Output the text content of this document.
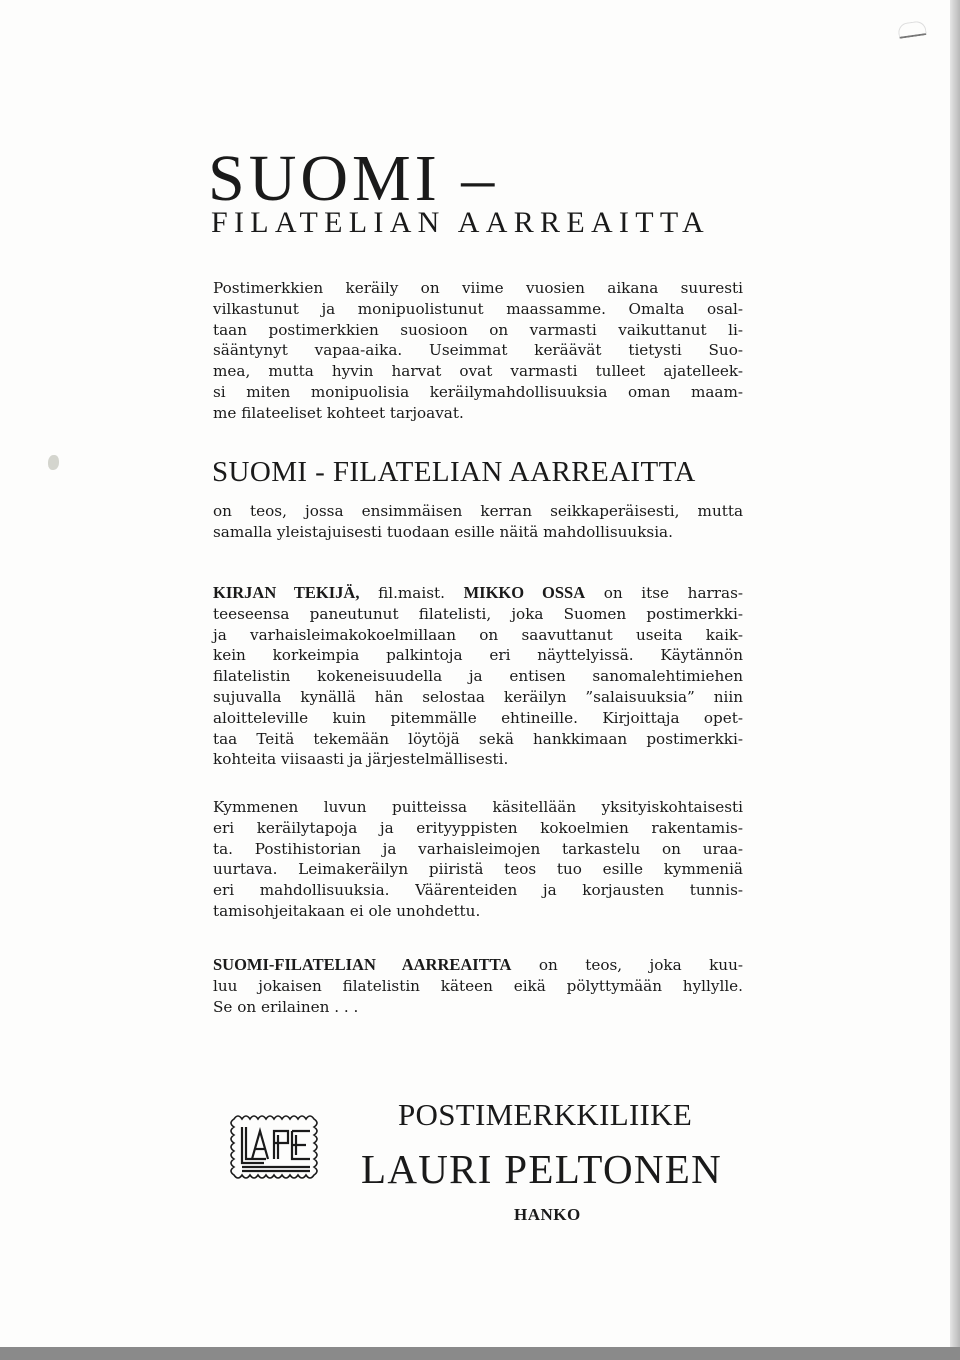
SUOMI –
FILATELIAN AARREAITTA

Postimerkkien keräily on viime vuosien aikana suuresti
vilkastunut ja monipuolistunut maassamme. Omalta osal-
taan postimerkkien suosioon on varmasti vaikuttanut li-
sääntynyt vapaa-aika. Useimmat keräävät tietysti Suo-
mea, mutta hyvin harvat ovat varmasti tulleet ajatelleek-
si miten monipuolisia keräilymahdollisuuksia oman maam-
me filateeliset kohteet tarjoavat.

SUOMI - FILATELIAN AARREAITTA

on teos, jossa ensimmäisen kerran seikkaperäisesti, mutta
samalla yleistajuisesti tuodaan esille näitä mahdollisuuksia.

KIRJAN TEKIJÄ, fil.maist. MIKKO OSSA on itse harras-
teeseensa paneutunut filatelisti, joka Suomen postimerkki-
ja varhaisleimakokoelmillaan on saavuttanut useita kaik-
kein korkeimpia palkintoja eri näyttelyissä. Käytännön
filatelistin kokeneisuudella ja entisen sanomalehtimiehen
sujuvalla kynällä hän selostaa keräilyn ”salaisuuksia” niin
aloitteleville kuin pitemmälle ehtineille. Kirjoittaja opet-
taa Teitä tekemään löytöjä sekä hankkimaan postimerkki-
kohteita viisaasti ja järjestelmällisesti.

Kymmenen luvun puitteissa käsitellään yksityiskohtaisesti
eri keräilytapoja ja erityyppisten kokoelmien rakentamis-
ta. Postihistorian ja varhaisleimojen tarkastelu on uraa-
uurtava. Leimakeräilyn piiristä teos tuo esille kymmeniä
eri mahdollisuuksia. Väärenteiden ja korjausten tunnis-
tamisohjeitakaan ei ole unohdettu.

SUOMI-FILATELIAN AARREAITTA on teos, joka kuu-
luu jokaisen filatelistin käteen eikä pölyttymään hyllylle.
Se on erilainen . . .

POSTIMERKKILIIKE
LAURI PELTONEN
HANKO
